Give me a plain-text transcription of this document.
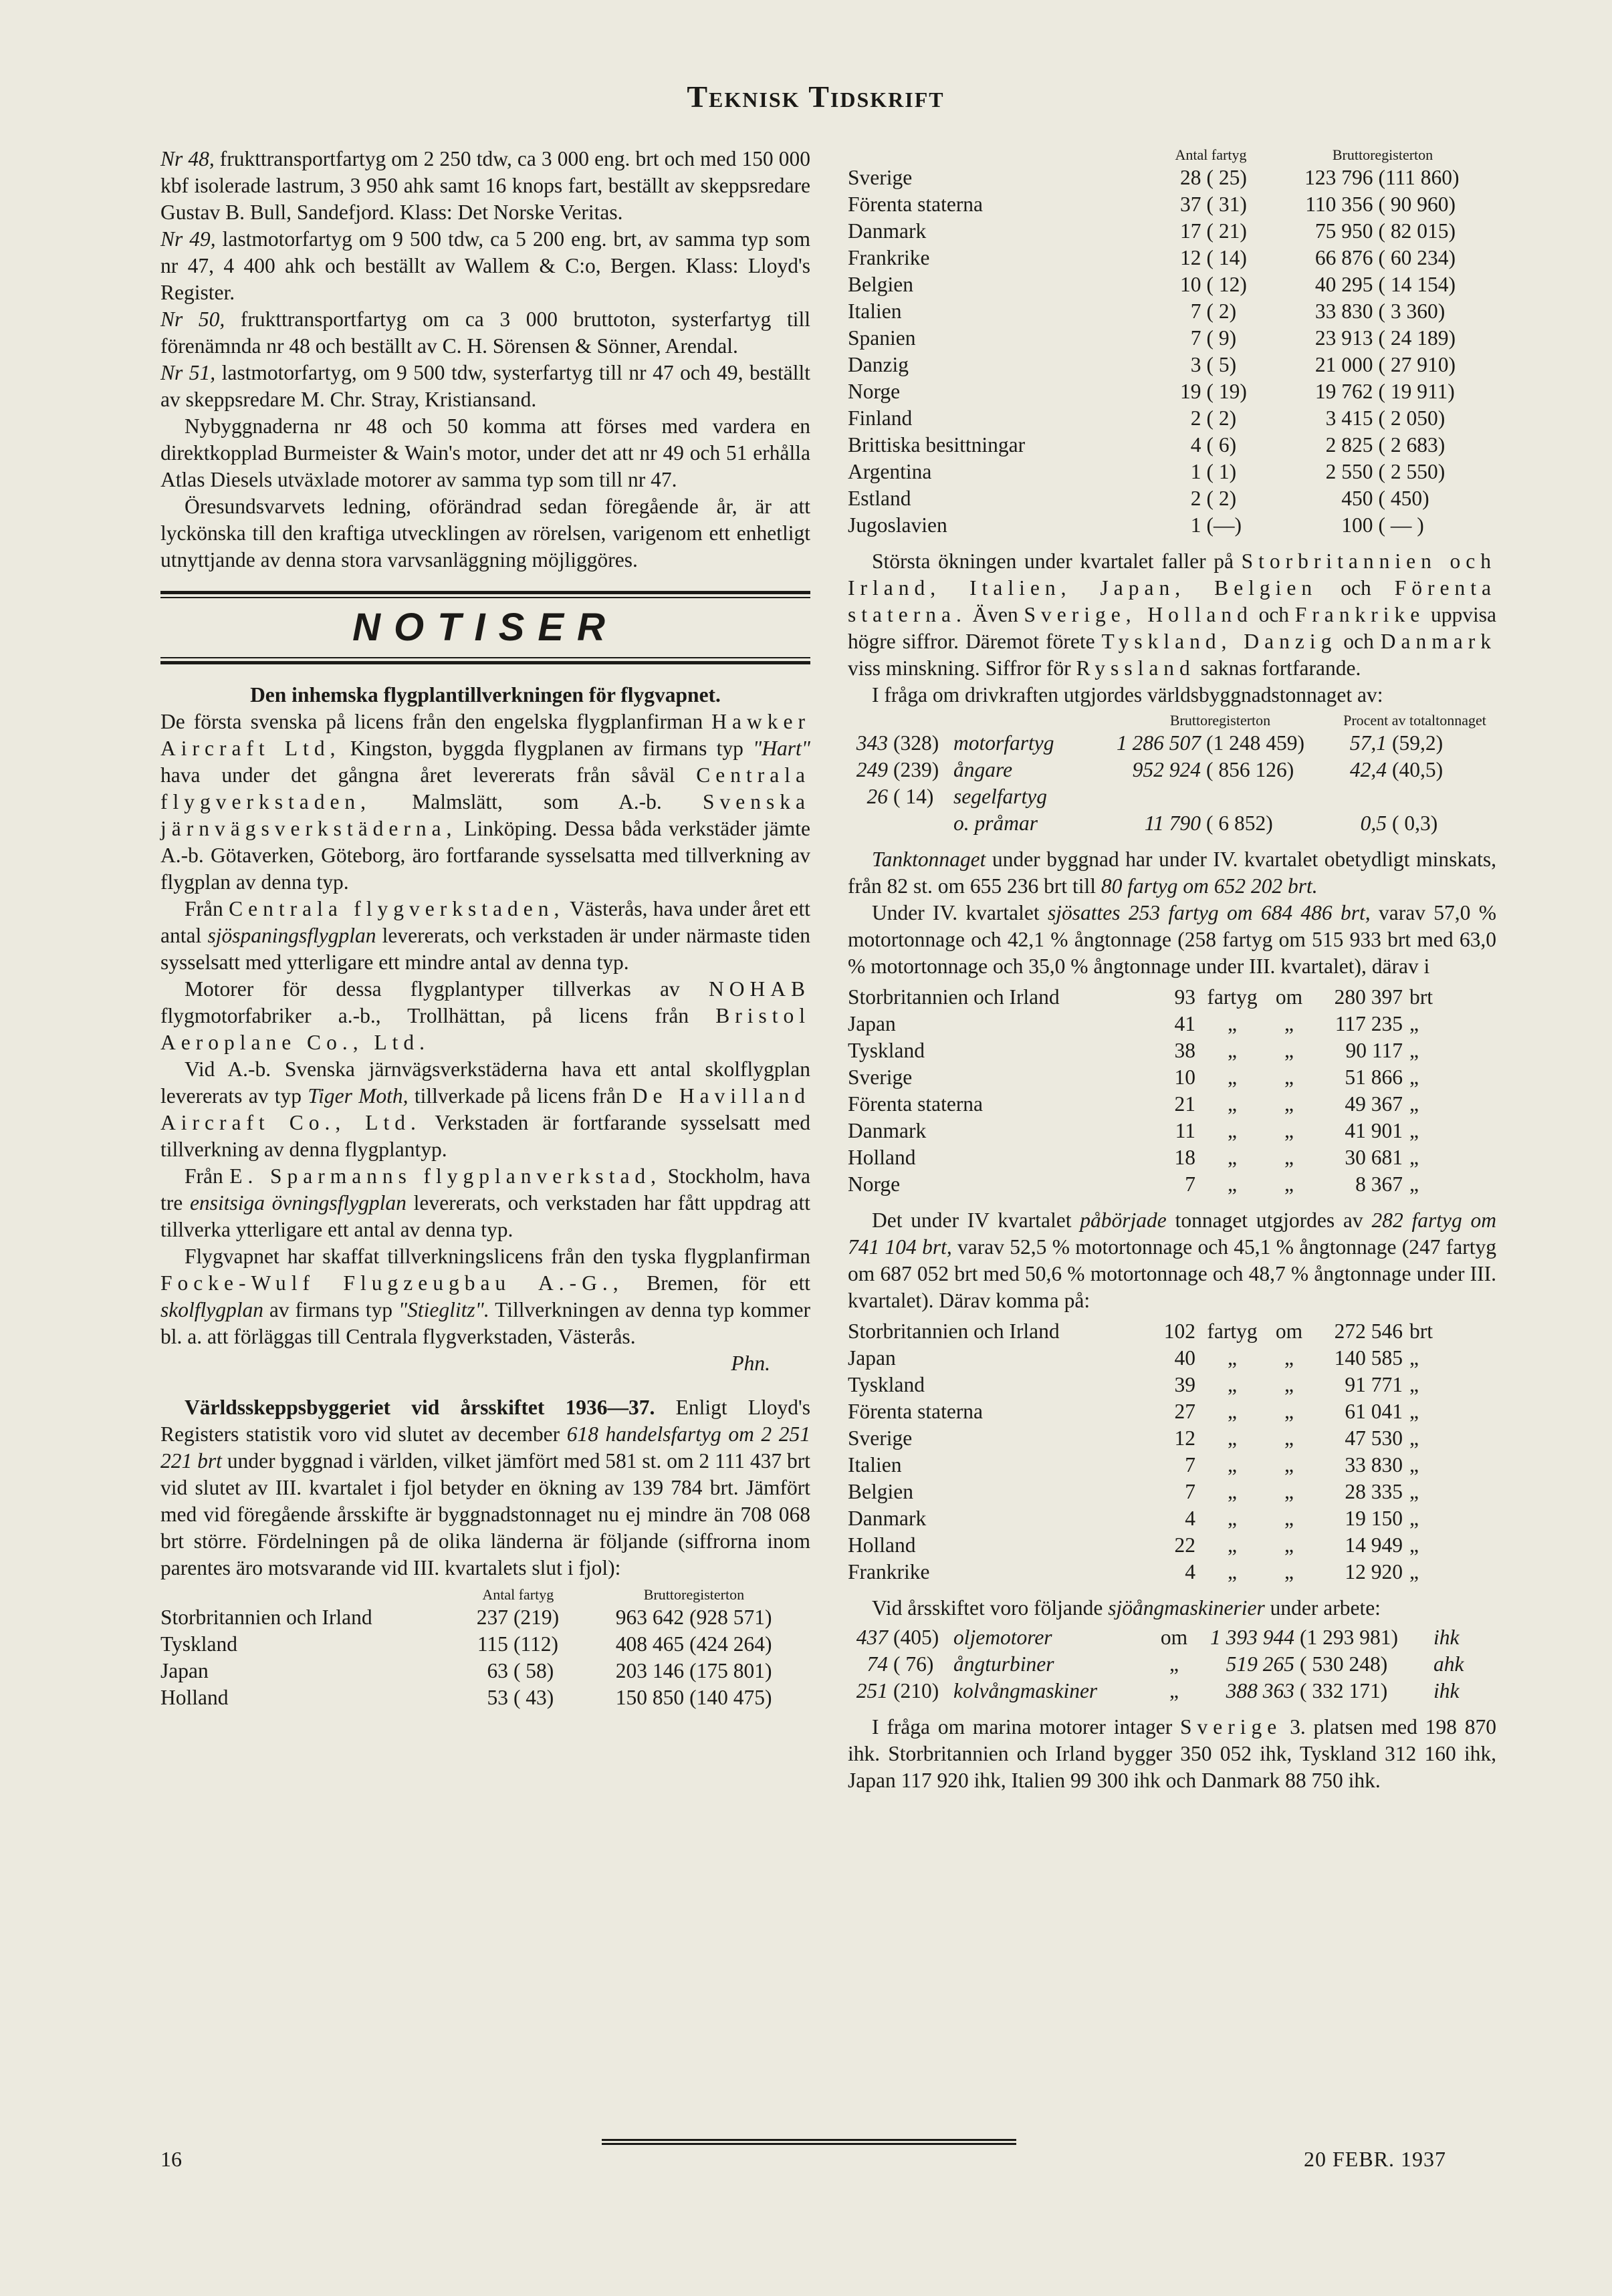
Teknisk Tidskrift

Nr 48, frukttransportfartyg om 2 250 tdw, ca 3 000 eng. brt och med 150 000 kbf isolerade lastrum, 3 950 ahk samt 16 knops fart, beställt av skeppsredare Gustav B. Bull, Sandefjord. Klass: Det Norske Veritas.

Nr 49, lastmotorfartyg om 9 500 tdw, ca 5 200 eng. brt, av samma typ som nr 47, 4 400 ahk och beställt av Wallem & C:o, Bergen. Klass: Lloyd's Register.

Nr 50, frukttransportfartyg om ca 3 000 bruttoton, systerfartyg till förenämnda nr 48 och beställt av C. H. Sörensen & Sönner, Arendal.

Nr 51, lastmotorfartyg, om 9 500 tdw, systerfartyg till nr 47 och 49, beställt av skeppsredare M. Chr. Stray, Kristiansand.

Nybyggnaderna nr 48 och 50 komma att förses med vardera en direktkopplad Burmeister & Wain's motor, under det att nr 49 och 51 erhålla Atlas Diesels utväxlade motorer av samma typ som till nr 47.

Öresundsvarvets ledning, oförändrad sedan föregående år, är att lyckönska till den kraftiga utvecklingen av rörelsen, varigenom ett enhetligt utnyttjande av denna stora varvsanläggning möjliggöres.

NOTISER

Den inhemska flygplantillverkningen för flygvapnet.

De första svenska på licens från den engelska flygplanfirman Hawker Aircraft Ltd, Kingston, byggda flygplanen av firmans typ "Hart" hava under det gångna året levererats från såväl Centrala flygverkstaden, Malmslätt, som A.-b. Svenska järnvägsverkstäderna, Linköping. Dessa båda verkstäder jämte A.-b. Götaverken, Göteborg, äro fortfarande sysselsatta med tillverkning av flygplan av denna typ.

Från Centrala flygverkstaden, Västerås, hava under året ett antal sjöspaningsflygplan levererats, och verkstaden är under närmaste tiden sysselsatt med ytterligare ett mindre antal av denna typ.

Motorer för dessa flygplantyper tillverkas av NOHAB flygmotorfabriker a.-b., Trollhättan, på licens från Bristol Aeroplane Co., Ltd.

Vid A.-b. Svenska järnvägsverkstäderna hava ett antal skolflygplan levererats av typ Tiger Moth, tillverkade på licens från De Havilland Aircraft Co., Ltd. Verkstaden är fortfarande sysselsatt med tillverkning av denna flygplantyp.

Från E. Sparmanns flygplanverkstad, Stockholm, hava tre ensitsiga övningsflygplan levererats, och verkstaden har fått uppdrag att tillverka ytterligare ett antal av denna typ.

Flygvapnet har skaffat tillverkningslicens från den tyska flygplanfirman Focke-Wulf Flugzeugbau A.-G., Bremen, för ett skolflygplan av firmans typ "Stieglitz". Tillverkningen av denna typ kommer bl. a. att förläggas till Centrala flygverkstaden, Västerås.

Phn.

Världsskeppsbyggeriet vid årsskiftet 1936—37. Enligt Lloyd's Registers statistik voro vid slutet av december 618 handelsfartyg om 2 251 221 brt under byggnad i världen, vilket jämfört med 581 st. om 2 111 437 brt vid slutet av III. kvartalet i fjol betyder en ökning av 139 784 brt. Jämfört med vid föregående årsskifte är byggnadstonnaget nu ej mindre än 708 068 brt större. Fördelningen på de olika länderna är följande (siffrorna inom parentes äro motsvarande vid III. kvartalets slut i fjol):

	Antal fartyg		Bruttoregisterton	
Storbritannien och Irland	237	(219)	963 642	(928 571)
Tyskland	115	(112)	408 465	(424 264)
Japan	63	( 58)	203 146	(175 801)
Holland	53	( 43)	150 850	(140 475)
	Antal fartyg		Bruttoregisterton	
Sverige	28	( 25)	123 796	(111 860)
Förenta staterna	37	( 31)	110 356	( 90 960)
Danmark	17	( 21)	75 950	( 82 015)
Frankrike	12	( 14)	66 876	( 60 234)
Belgien	10	( 12)	40 295	( 14 154)
Italien	7	( 2)	33 830	( 3 360)
Spanien	7	( 9)	23 913	( 24 189)
Danzig	3	( 5)	21 000	( 27 910)
Norge	19	( 19)	19 762	( 19 911)
Finland	2	( 2)	3 415	( 2 050)
Brittiska besittningar	4	( 6)	2 825	( 2 683)
Argentina	1	( 1)	2 550	( 2 550)
Estland	2	( 2)	450	( 450)
Jugoslavien	1	(—)	100	( — )

Största ökningen under kvartalet faller på Storbritannien och Irland, Italien, Japan, Belgien och Förenta staterna. Även Sverige, Holland och Frankrike uppvisa högre siffror. Däremot förete Tyskland, Danzig och Danmark viss minskning. Siffror för Ryssland saknas fortfarande.

I fråga om drivkraften utgjordes världsbyggnadstonnaget av:

			Bruttoregisterton		Procent av totaltonnaget	
343	(328)	motorfartyg	1 286 507	(1 248 459)	57,1	(59,2)
249	(239)	ångare	952 924	( 856 126)	42,4	(40,5)
26	( 14)	segelfartyg				
		o. pråmar	11 790	( 6 852)	0,5	( 0,3)

Tanktonnaget under byggnad har under IV. kvartalet obetydligt minskats, från 82 st. om 655 236 brt till 80 fartyg om 652 202 brt.

Under IV. kvartalet sjösattes 253 fartyg om 684 486 brt, varav 57,0 % motortonnage och 42,1 % ångtonnage (258 fartyg om 515 933 brt med 63,0 % motortonnage och 35,0 % ångtonnage under III. kvartalet), därav i

Storbritannien och Irland	93	fartyg	om	280 397	brt
Japan	41	„	„	117 235	„
Tyskland	38	„	„	90 117	„
Sverige	10	„	„	51 866	„
Förenta staterna	21	„	„	49 367	„
Danmark	11	„	„	41 901	„
Holland	18	„	„	30 681	„
Norge	7	„	„	8 367	„

Det under IV kvartalet påbörjade tonnaget utgjordes av 282 fartyg om 741 104 brt, varav 52,5 % motortonnage och 45,1 % ångtonnage (247 fartyg om 687 052 brt med 50,6 % motortonnage och 48,7 % ångtonnage under III. kvartalet). Därav komma på:

Storbritannien och Irland	102	fartyg	om	272 546	brt
Japan	40	„	„	140 585	„
Tyskland	39	„	„	91 771	„
Förenta staterna	27	„	„	61 041	„
Sverige	12	„	„	47 530	„
Italien	7	„	„	33 830	„
Belgien	7	„	„	28 335	„
Danmark	4	„	„	19 150	„
Holland	22	„	„	14 949	„
Frankrike	4	„	„	12 920	„

Vid årsskiftet voro följande sjöångmaskinerier under arbete:

437	(405)	oljemotorer	om	1 393 944	(1 293 981)	ihk
74	( 76)	ångturbiner	„	519 265	( 530 248)	ahk
251	(210)	kolvångmaskiner	„	388 363	( 332 171)	ihk

I fråga om marina motorer intager Sverige 3. platsen med 198 870 ihk. Storbritannien och Irland bygger 350 052 ihk, Tyskland 312 160 ihk, Japan 117 920 ihk, Italien 99 300 ihk och Danmark 88 750 ihk.

16	20 FEBR. 1937
